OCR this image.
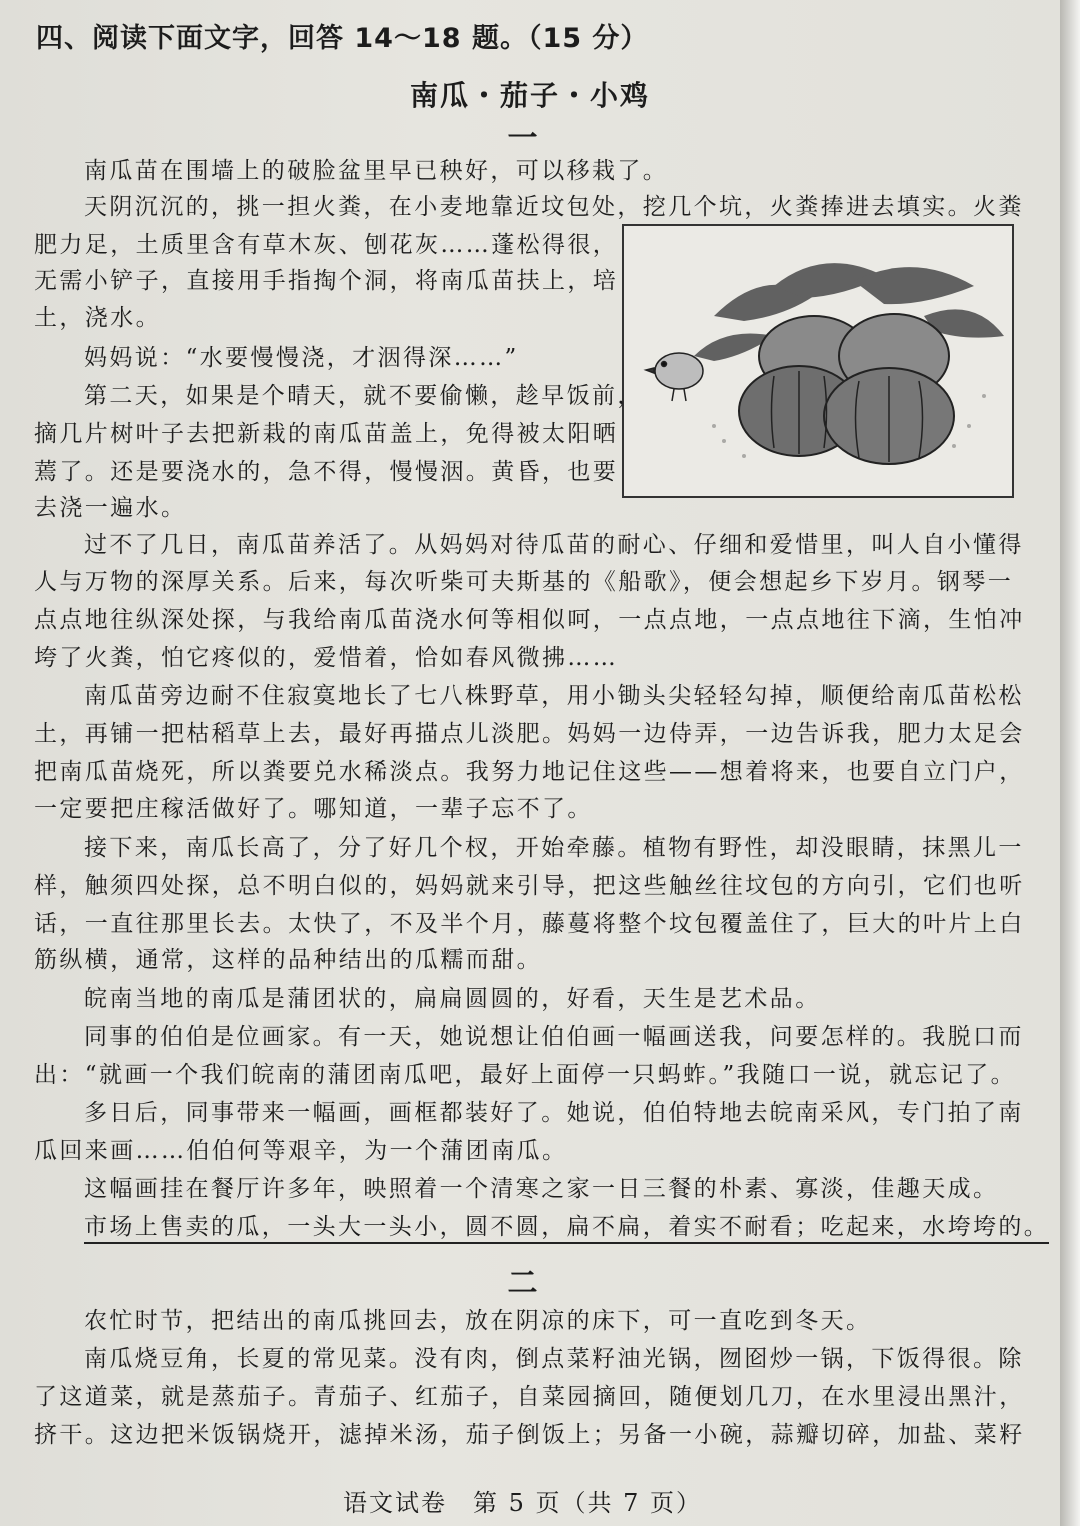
四、阅读下面文字，回答 14～18 题。（15 分）
南瓜・茄子・小鸡
一
南瓜苗在围墙上的破脸盆里早已秧好，可以移栽了。
天阴沉沉的，挑一担火粪，在小麦地靠近坟包处，挖几个坑，火粪捧进去填实。火粪
肥力足，土质里含有草木灰、刨花灰……蓬松得很，
无需小铲子，直接用手指掏个洞，将南瓜苗扶上，培
土，浇水。
妈妈说：“水要慢慢浇，才洇得深……”
第二天，如果是个晴天，就不要偷懒，趁早饭前，
摘几片树叶子去把新栽的南瓜苗盖上，免得被太阳晒
蔫了。还是要浇水的，急不得，慢慢洇。黄昏，也要
去浇一遍水。
过不了几日，南瓜苗养活了。从妈妈对待瓜苗的耐心、仔细和爱惜里，叫人自小懂得
人与万物的深厚关系。后来，每次听柴可夫斯基的《船歌》，便会想起乡下岁月。钢琴一
点点地往纵深处探，与我给南瓜苗浇水何等相似呵，一点点地，一点点地往下滴，生怕冲
垮了火粪，怕它疼似的，爱惜着，恰如春风微拂……
南瓜苗旁边耐不住寂寞地长了七八株野草，用小锄头尖轻轻勾掉，顺便给南瓜苗松松
土，再铺一把枯稻草上去，最好再描点儿淡肥。妈妈一边侍弄，一边告诉我，肥力太足会
把南瓜苗烧死，所以粪要兑水稀淡点。我努力地记住这些——想着将来，也要自立门户，
一定要把庄稼活做好了。哪知道，一辈子忘不了。
接下来，南瓜长高了，分了好几个杈，开始牵藤。植物有野性，却没眼睛，抹黑儿一
样，触须四处探，总不明白似的，妈妈就来引导，把这些触丝往坟包的方向引，它们也听
话，一直往那里长去。太快了，不及半个月，藤蔓将整个坟包覆盖住了，巨大的叶片上白
筋纵横，通常，这样的品种结出的瓜糯而甜。
皖南当地的南瓜是蒲团状的，扁扁圆圆的，好看，天生是艺术品。
同事的伯伯是位画家。有一天，她说想让伯伯画一幅画送我，问要怎样的。我脱口而
出：“就画一个我们皖南的蒲团南瓜吧，最好上面停一只蚂蚱。”我随口一说，就忘记了。
多日后，同事带来一幅画，画框都装好了。她说，伯伯特地去皖南采风，专门拍了南
瓜回来画……伯伯何等艰辛，为一个蒲团南瓜。
这幅画挂在餐厅许多年，映照着一个清寒之家一日三餐的朴素、寡淡，佳趣天成。
市场上售卖的瓜，一头大一头小，圆不圆，扁不扁，着实不耐看；吃起来，水垮垮的。
二
农忙时节，把结出的南瓜挑回去，放在阴凉的床下，可一直吃到冬天。
南瓜烧豆角，长夏的常见菜。没有肉，倒点菜籽油光锅，囫囵炒一锅，下饭得很。除
了这道菜，就是蒸茄子。青茄子、红茄子，自菜园摘回，随便划几刀，在水里浸出黑汁，
挤干。这边把米饭锅烧开，滤掉米汤，茄子倒饭上；另备一小碗，蒜瓣切碎，加盐、菜籽
语文试卷　第 5 页（共 7 页）
